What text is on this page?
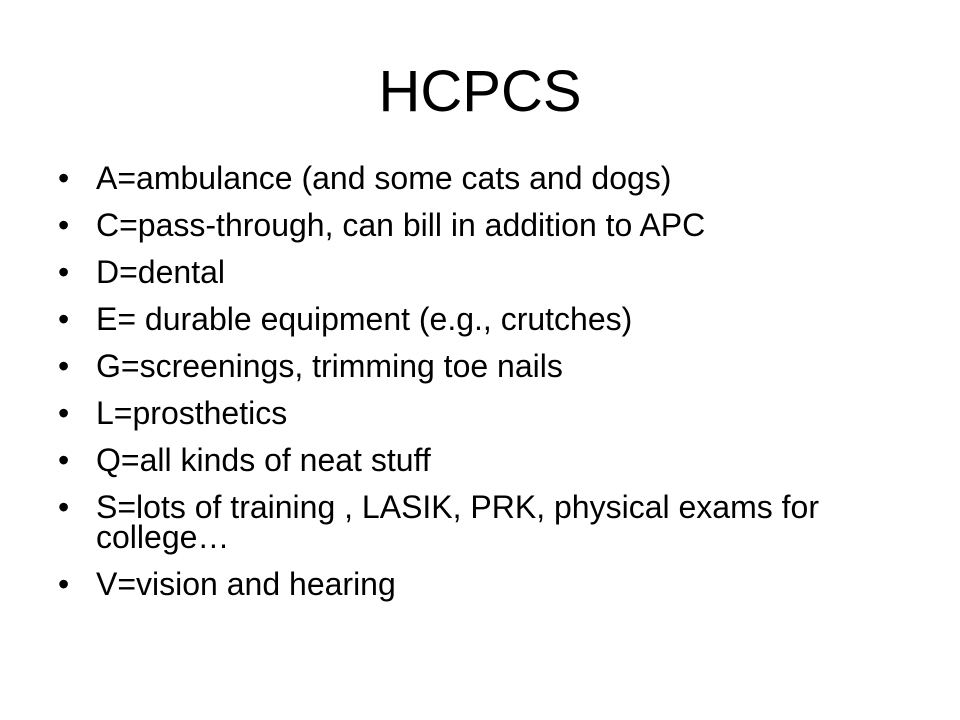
HCPCS
• A=ambulance (and some cats and dogs)
• C=pass-through, can bill in addition to APC
• D=dental
• E= durable equipment (e.g., crutches)
• G=screenings, trimming toe nails
• L=prosthetics
• Q=all kinds of neat stuff
• S=lots of training , LASIK, PRK, physical exams for college…
• V=vision and hearing
